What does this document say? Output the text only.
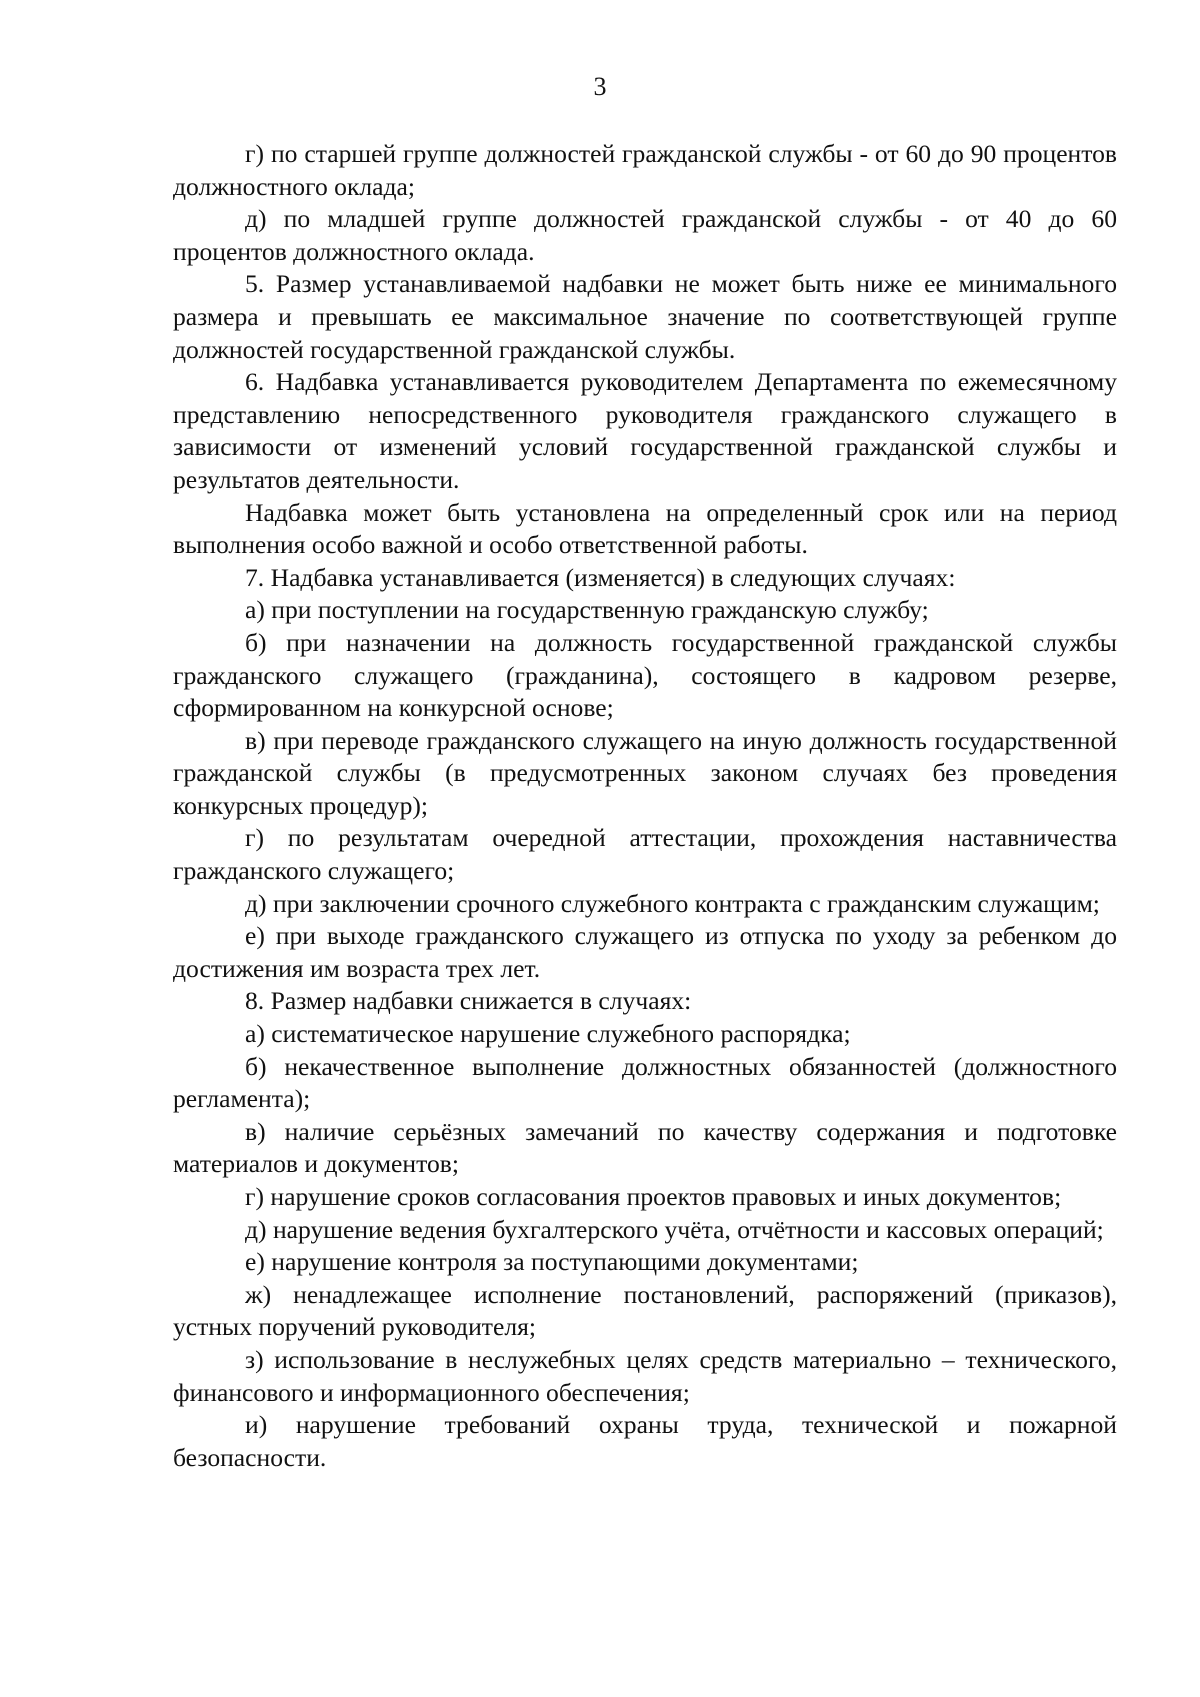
3

г) по старшей группе должностей гражданской службы - от 60 до 90 процентов должностного оклада;

д) по младшей группе должностей гражданской службы - от 40 до 60 процентов должностного оклада.

5. Размер устанавливаемой надбавки не может быть ниже ее минимального размера и превышать ее максимальное значение по соответствующей группе должностей государственной гражданской службы.

6. Надбавка устанавливается руководителем Департамента по ежемесячному представлению непосредственного руководителя гражданского служащего в зависимости от изменений условий государственной гражданской службы и результатов деятельности.

Надбавка может быть установлена на определенный срок или на период выполнения особо важной и особо ответственной работы.

7. Надбавка устанавливается (изменяется) в следующих случаях:

а) при поступлении на государственную гражданскую службу;

б) при назначении на должность государственной гражданской службы гражданского служащего (гражданина), состоящего в кадровом резерве, сформированном на конкурсной основе;

в) при переводе гражданского служащего на иную должность государственной гражданской службы (в предусмотренных законом случаях без проведения конкурсных процедур);

г) по результатам очередной аттестации, прохождения наставничества гражданского служащего;

д) при заключении срочного служебного контракта с гражданским служащим;

е) при выходе гражданского служащего из отпуска по уходу за ребенком до достижения им возраста трех лет.

8. Размер надбавки снижается в случаях:

а) систематическое нарушение служебного распорядка;

б) некачественное выполнение должностных обязанностей (должностного регламента);

в) наличие серьёзных замечаний по качеству содержания и подготовке материалов и документов;

г) нарушение сроков согласования проектов правовых и иных документов;

д) нарушение ведения бухгалтерского учёта, отчётности и кассовых операций;

е) нарушение контроля за поступающими документами;

ж) ненадлежащее исполнение постановлений, распоряжений (приказов), устных поручений руководителя;

з) использование в неслужебных целях средств материально – технического, финансового и информационного обеспечения;

и) нарушение требований охраны труда, технической и пожарной безопасности.
